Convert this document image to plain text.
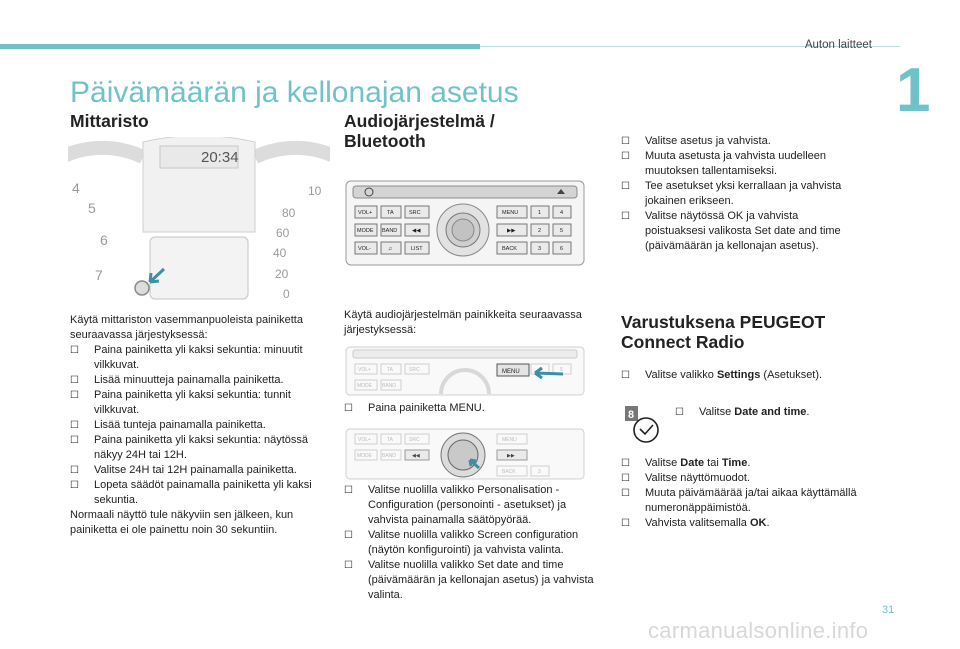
Auton laitteet
1
Päivämäärän ja kellonajan asetus
Mittaristo
20:34
4
5
6
7
10
80
60
40
20
0

Käytä mittariston vasemmanpuoleista painiketta seuraavassa järjestyksessä:

☐ Paina painiketta yli kaksi sekuntia: minuutit vilkkuvat.

☐ Lisää minuutteja painamalla painiketta.

☐ Paina painiketta yli kaksi sekuntia: tunnit vilkkuvat.

☐ Lisää tunteja painamalla painiketta.

☐ Paina painiketta yli kaksi sekuntia: näytössä näkyy 24H tai 12H.

☐ Valitse 24H tai 12H painamalla painiketta.

☐ Lopeta säädöt painamalla painiketta yli kaksi sekuntia.

Normaali näyttö tule näkyviin sen jälkeen, kun painiketta ei ole painettu noin 30 sekuntiin.

Audiojärjestelmä /
Bluetooth
VOL+	TA	SRC
MODE BAND	◀◀
VOL-	♫	LIST
MENU
▶▶
BACK
1
2
3
4
5
6
Käytä audiojärjestelmän painikkeita seuraavassa järjestyksessä:
VOL+	TA	SRC
MODE BAND
4	5
MENU

☐ Paina painiketta MENU.

VOL+	TA	SRC
MODE BAND	◀◀
MENU
▶▶
BACK	3

☐ Valitse nuolilla valikko Personalisation - Configuration (personointi - asetukset) ja vahvista painamalla säätöpyörää.

☐ Valitse nuolilla valikko Screen configuration (näytön konfigurointi) ja vahvista valinta.

☐ Valitse nuolilla valikko Set date and time (päivämäärän ja kellonajan asetus) ja vahvista valinta.

☐ Valitse asetus ja vahvista.

☐ Muuta asetusta ja vahvista uudelleen muutoksen tallentamiseksi.

☐ Tee asetukset yksi kerrallaan ja vahvista jokainen erikseen.

☐ Valitse näytössä OK ja vahvista poistuaksesi valikosta Set date and time (päivämäärän ja kellonajan asetus).

Varustuksena PEUGEOT
Connect Radio

☐ Valitse valikko Settings (Asetukset).

8	☐ Valitse Date and time.

☐ Valitse Date tai Time.

☐ Valitse näyttömuodot.

☐ Muuta päivämäärää ja/tai aikaa käyttämällä numeronäppäimistöä.

☐ Vahvista valitsemalla OK.

31
carmanualsonline.info
